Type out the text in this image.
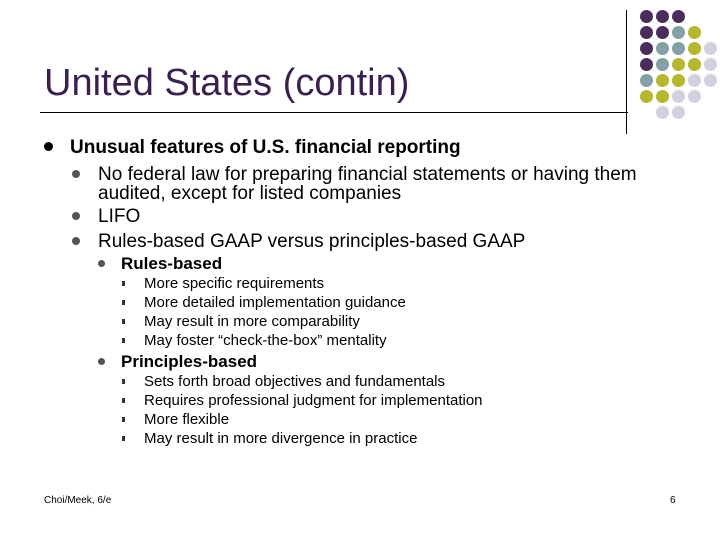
United States (contin)
Unusual features of U.S. financial reporting
No federal law for preparing financial statements or having them
audited, except for listed companies
LIFO
Rules-based GAAP versus principles-based GAAP
Rules-based
More specific requirements
More detailed implementation guidance
May result in more comparability
May foster “check-the-box” mentality
Principles-based
Sets forth broad objectives and fundamentals
Requires professional judgment for implementation
More flexible
May result in more divergence in practice
Choi/Meek, 6/e	6
